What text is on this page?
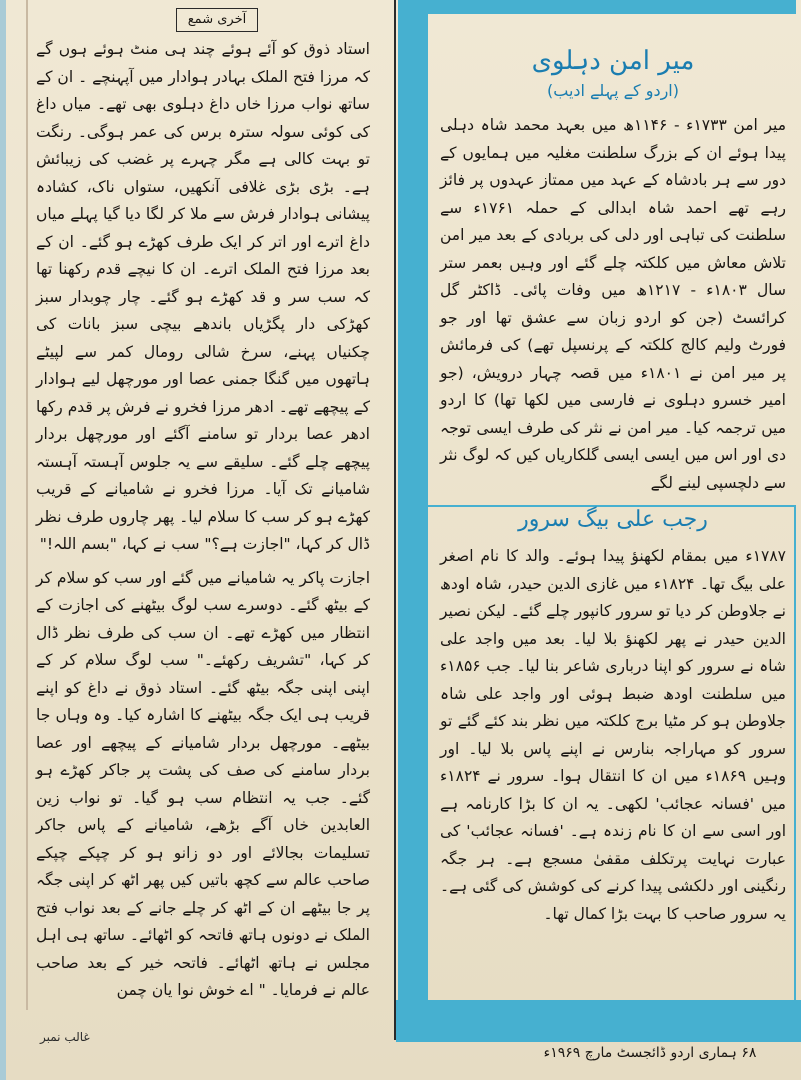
آخری شمع

استاد ذوق کو آئے ہوئے چند ہی منٹ ہوئے ہوں گے کہ مرزا فتح الملک بہادر ہوادار میں آپہنچے ۔ ان کے ساتھ نواب مرزا خاں داغ دہلوی بھی تھے۔ میاں داغ کی کوئی سولہ سترہ برس کی عمر ہوگی۔ رنگت تو بہت کالی ہے مگر چہرے پر غضب کی زیبائش ہے۔ بڑی بڑی غلافی آنکھیں، ستواں ناک، کشادہ پیشانی ہوادار فرش سے ملا کر لگا دیا گیا پہلے میاں داغ اترے اور اتر کر ایک طرف کھڑے ہو گئے۔ ان کے بعد مرزا فتح الملک اترے۔ ان کا نیچے قدم رکھنا تھا کہ سب سر و قد کھڑے ہو گئے۔ چار چوبدار سبز کھڑکی دار پگڑیاں باندھے بیچی سبز بانات کی چکنیاں پہنے، سرخ شالی رومال کمر سے لپیٹے ہاتھوں میں گنگا جمنی عصا اور مورچھل لیے ہوادار کے پیچھے تھے۔ ادھر مرزا فخرو نے فرش پر قدم رکھا ادھر عصا بردار تو سامنے آگئے اور مورچھل بردار پیچھے چلے گئے۔ سلیقے سے یہ جلوس آہستہ آہستہ شامیانے تک آیا۔ مرزا فخرو نے شامیانے کے قریب کھڑے ہو کر سب کا سلام لیا۔ پھر چاروں طرف نظر ڈال کر کہا، "اجازت ہے؟" سب نے کہا، "بسم اللہ!"

اجازت پاکر یہ شامیانے میں گئے اور سب کو سلام کر کے بیٹھ گئے۔ دوسرے سب لوگ بیٹھنے کی اجازت کے انتظار میں کھڑے تھے۔ ان سب کی طرف نظر ڈال کر کہا، "تشریف رکھئے۔" سب لوگ سلام کر کے اپنی اپنی جگہ بیٹھ گئے۔ استاد ذوق نے داغ کو اپنے قریب ہی ایک جگہ بیٹھنے کا اشارہ کیا۔ وہ وہاں جا بیٹھے۔ مورچھل بردار شامیانے کے پیچھے اور عصا بردار سامنے کی صف کی پشت پر جاکر کھڑے ہو گئے۔ جب یہ انتظام سب ہو گیا۔ تو نواب زین العابدین خاں آگے بڑھے، شامیانے کے پاس جاکر تسلیمات بجالائے اور دو زانو ہو کر چپکے چپکے صاحب عالم سے کچھ باتیں کیں پھر اٹھ کر اپنی جگہ پر جا بیٹھے ان کے اٹھ کر چلے جانے کے بعد نواب فتح الملک نے دونوں ہاتھ فاتحہ کو اٹھائے۔ ساتھ ہی اہل مجلس نے ہاتھ اٹھائے۔ فاتحہ خیر کے بعد صاحب عالم نے فرمایا۔ " اے خوش نوا یان چمن

میر امن دہلوی
(اردو کے پہلے ادیب)

میر امن ۱۷۳۳ء - ۱۱۴۶ھ میں بعہد محمد شاہ دہلی پیدا ہوئے ان کے بزرگ سلطنت مغلیہ میں ہمایوں کے دور سے ہر بادشاہ کے عہد میں ممتاز عہدوں پر فائز رہے تھے احمد شاہ ابدالی کے حملہ ۱۷۶۱ء سے سلطنت کی تباہی اور دلی کی بربادی کے بعد میر امن تلاش معاش میں کلکتہ چلے گئے اور وہیں بعمر ستر سال ۱۸۰۳ء - ۱۲۱۷ھ میں وفات پائی۔ ڈاکٹر گل کرائسٹ (جن کو اردو زبان سے عشق تھا اور جو فورٹ ولیم کالج کلکتہ کے پرنسپل تھے) کی فرمائش پر میر امن نے ۱۸۰۱ء میں قصہ چہار درویش، (جو امیر خسرو دہلوی نے فارسی میں لکھا تھا) کا اردو میں ترجمہ کیا۔ میر امن نے نثر کی طرف ایسی توجہ دی اور اس میں ایسی ایسی گلکاریاں کیں کہ لوگ نثر سے دلچسپی لینے لگے

رجب علی بیگ سرور

۱۷۸۷ء میں بمقام لکھنؤ پیدا ہوئے۔ والد کا نام اصغر علی بیگ تھا۔ ۱۸۲۴ء میں غازی الدین حیدر، شاہ اودھ نے جلاوطن کر دیا تو سرور کانپور چلے گئے۔ لیکن نصیر الدین حیدر نے پھر لکھنؤ بلا لیا۔ بعد میں واجد علی شاہ نے سرور کو اپنا درباری شاعر بنا لیا۔ جب ۱۸۵۶ء میں سلطنت اودھ ضبط ہوئی اور واجد علی شاہ جلاوطن ہو کر مٹیا برج کلکتہ میں نظر بند کئے گئے تو سرور کو مہاراجہ بنارس نے اپنے پاس بلا لیا۔ اور وہیں ۱۸۶۹ء میں ان کا انتقال ہوا۔ سرور نے ۱۸۲۴ء میں 'فسانہ عجائب' لکھی۔ یہ ان کا بڑا کارنامہ ہے اور اسی سے ان کا نام زندہ ہے۔ 'فسانہ عجائب' کی عبارت نہایت پرتکلف مقفیٰ مسجع ہے۔ ہر جگہ رنگینی اور دلکشی پیدا کرنے کی کوشش کی گئی ہے۔ یہ سرور صاحب کا بہت بڑا کمال تھا۔

غالب نمبر
۶۸ ہماری اردو ڈائجسٹ مارچ ۱۹۶۹ء
